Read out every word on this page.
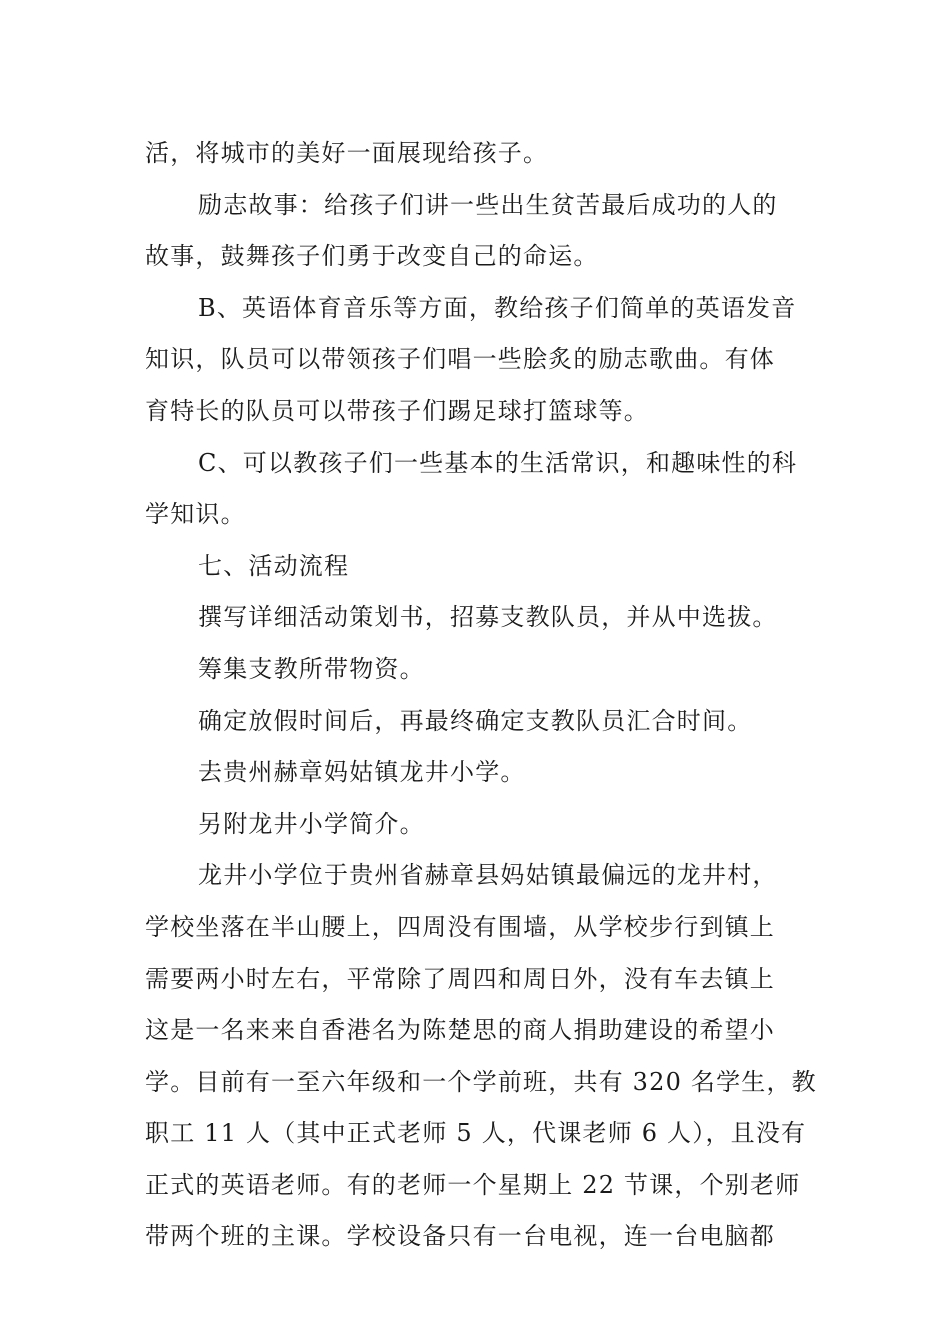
活，将城市的美好一面展现给孩子。
励志故事：给孩子们讲一些出生贫苦最后成功的人的
故事，鼓舞孩子们勇于改变自己的命运。
B、英语体育音乐等方面，教给孩子们简单的英语发音
知识，队员可以带领孩子们唱一些脍炙的励志歌曲。有体
育特长的队员可以带孩子们踢足球打篮球等。
C、可以教孩子们一些基本的生活常识，和趣味性的科
学知识。
七、活动流程
撰写详细活动策划书，招募支教队员，并从中选拔。
筹集支教所带物资。
确定放假时间后，再最终确定支教队员汇合时间。
去贵州赫章妈姑镇龙井小学。
另附龙井小学简介。
龙井小学位于贵州省赫章县妈姑镇最偏远的龙井村，
学校坐落在半山腰上，四周没有围墙，从学校步行到镇上
需要两小时左右，平常除了周四和周日外，没有车去镇上
这是一名来来自香港名为陈楚思的商人捐助建设的希望小
学。目前有一至六年级和一个学前班，共有 320 名学生，教
职工 11 人（其中正式老师 5 人，代课老师 6 人），且没有
正式的英语老师。有的老师一个星期上 22 节课，个别老师
带两个班的主课。学校设备只有一台电视，连一台电脑都
